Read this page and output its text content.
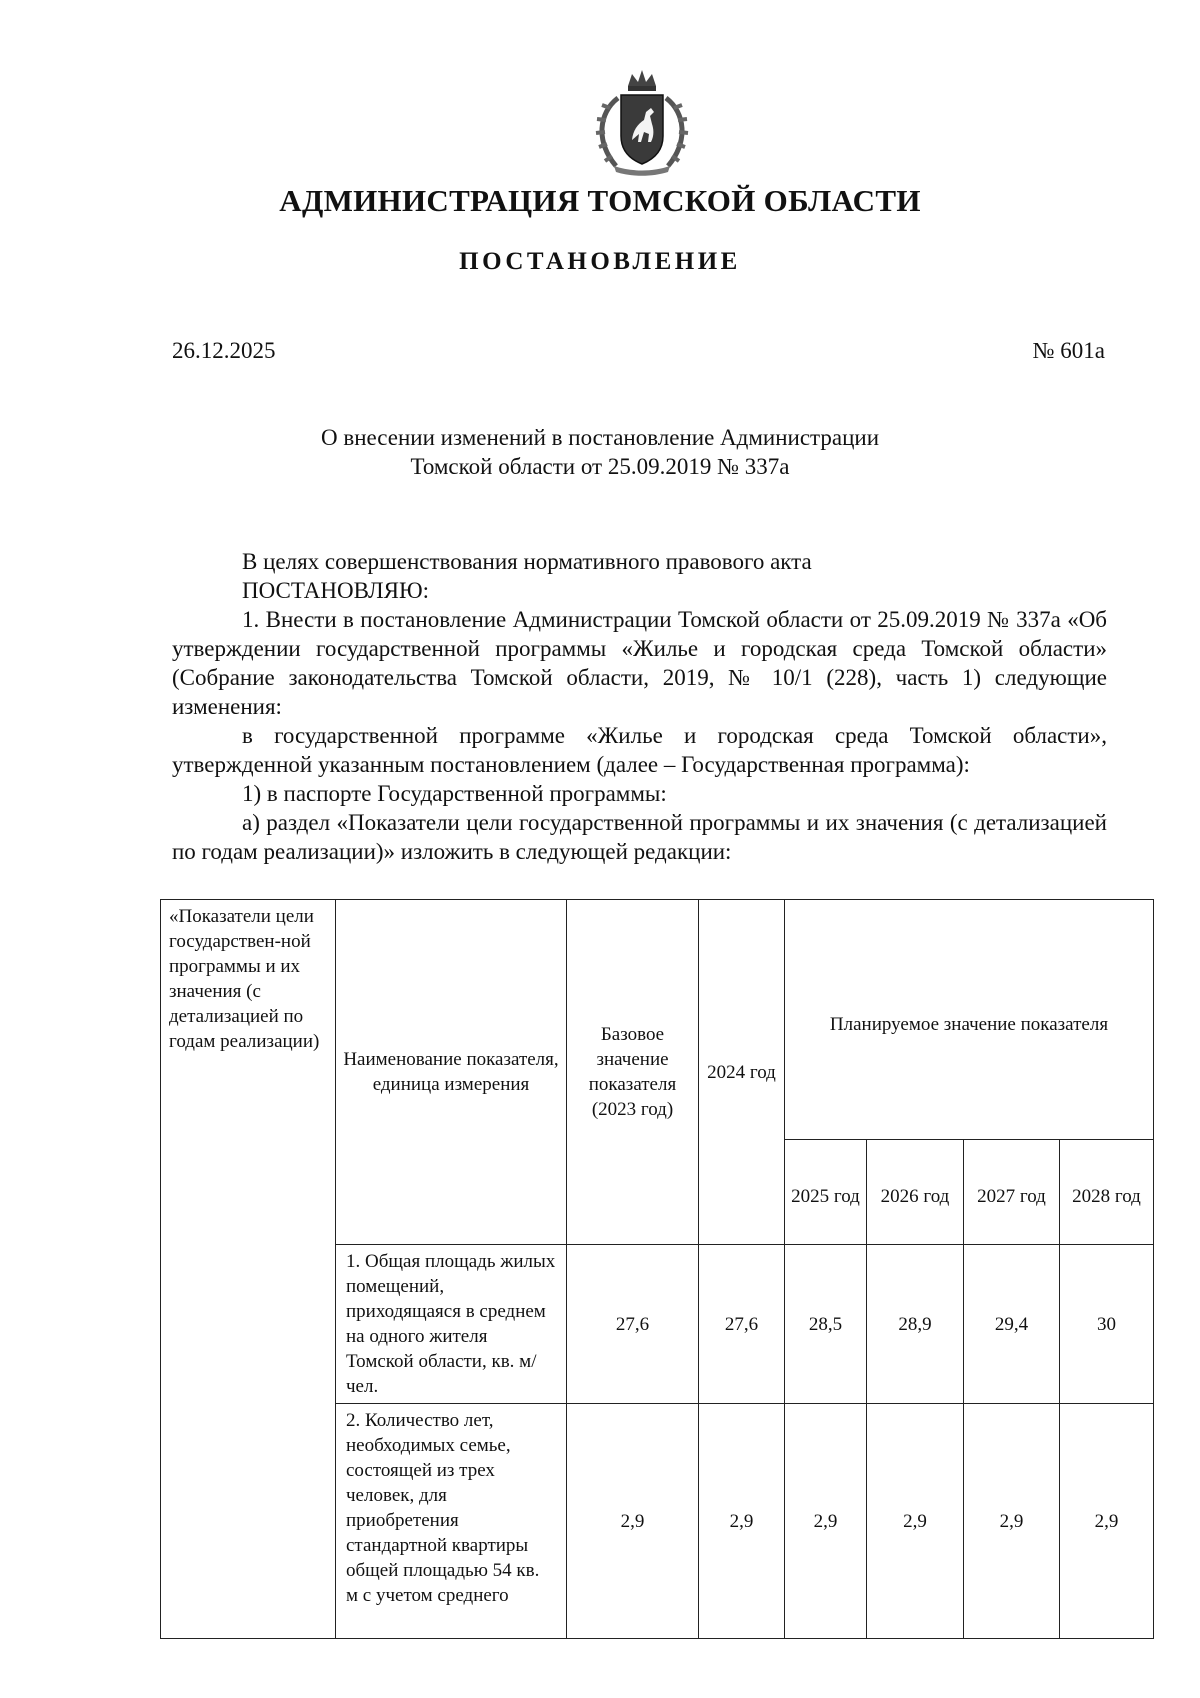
АДМИНИСТРАЦИЯ ТОМСКОЙ ОБЛАСТИ
ПОСТАНОВЛЕНИЕ
26.12.2025	№ 601а
О внесении изменений в постановление Администрации
Томской области от 25.09.2019 № 337а

В целях совершенствования нормативного правового акта

ПОСТАНОВЛЯЮ:

1. Внести в постановление Администрации Томской области от 25.09.2019 № 337а «Об утверждении государственной программы «Жилье и городская среда Томской области» (Собрание законодательства Томской области, 2019, № 10/1 (228), часть 1) следующие изменения:

в государственной программе «Жилье и городская среда Томской области», утвержденной указанным постановлением (далее – Государственная программа):

1) в паспорте Государственной программы:

а) раздел «Показатели цели государственной программы и их значения (с детализацией по годам реализации)» изложить в следующей редакции:

«Показатели цели государствен-ной программы и их значения (с детализацией по годам реализации)	Наименование показателя, единица измерения	Базовое значение показателя (2023 год)	2024 год	Планируемое значение показателя			
				2025 год	2026 год	2027 год	2028 год
	1. Общая площадь жилых помещений, приходящаяся в среднем на одного жителя Томской области, кв. м/чел.	27,6	27,6	28,5	28,9	29,4	30
	2. Количество лет, необходимых семье, состоящей из трех человек, для приобретения стандартной квартиры общей площадью 54 кв. м с учетом среднего	2,9	2,9	2,9	2,9	2,9	2,9
